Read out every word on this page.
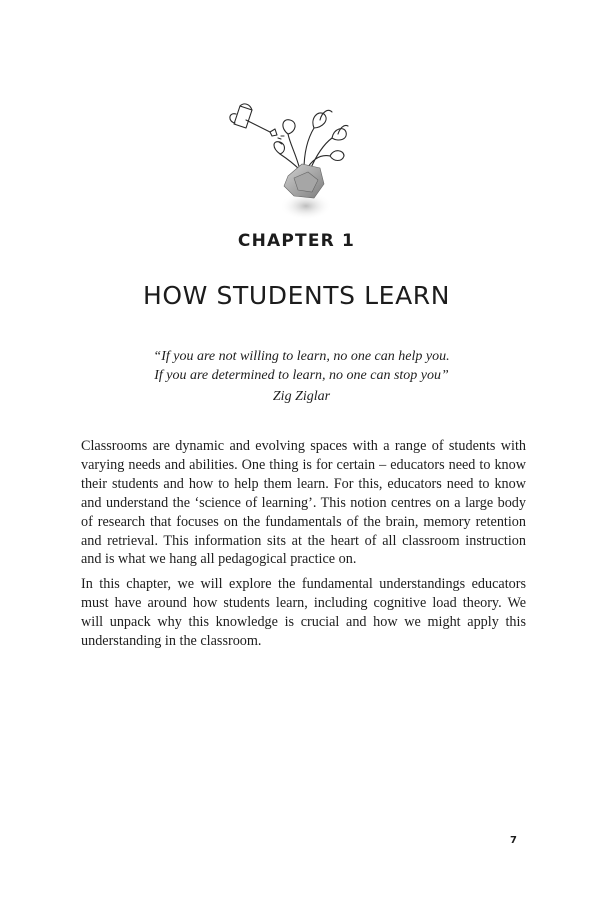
CHAPTER 1
HOW STUDENTS LEARN
“If you are not willing to learn, no one can help you.
If you are determined to learn, no one can stop you”
Zig Ziglar

Classrooms are dynamic and evolving spaces with a range of students with varying needs and abilities. One thing is for certain – educators need to know their students and how to help them learn. For this, educators need to know and understand the ‘science of learning’. This notion centres on a large body of research that focuses on the fundamentals of the brain, memory retention and retrieval. This information sits at the heart of all classroom instruction and is what we hang all pedagogical practice on.

In this chapter, we will explore the fundamental understandings educators must have around how students learn, including cognitive load theory. We will unpack why this knowledge is crucial and how we might apply this understanding in the classroom.

7
